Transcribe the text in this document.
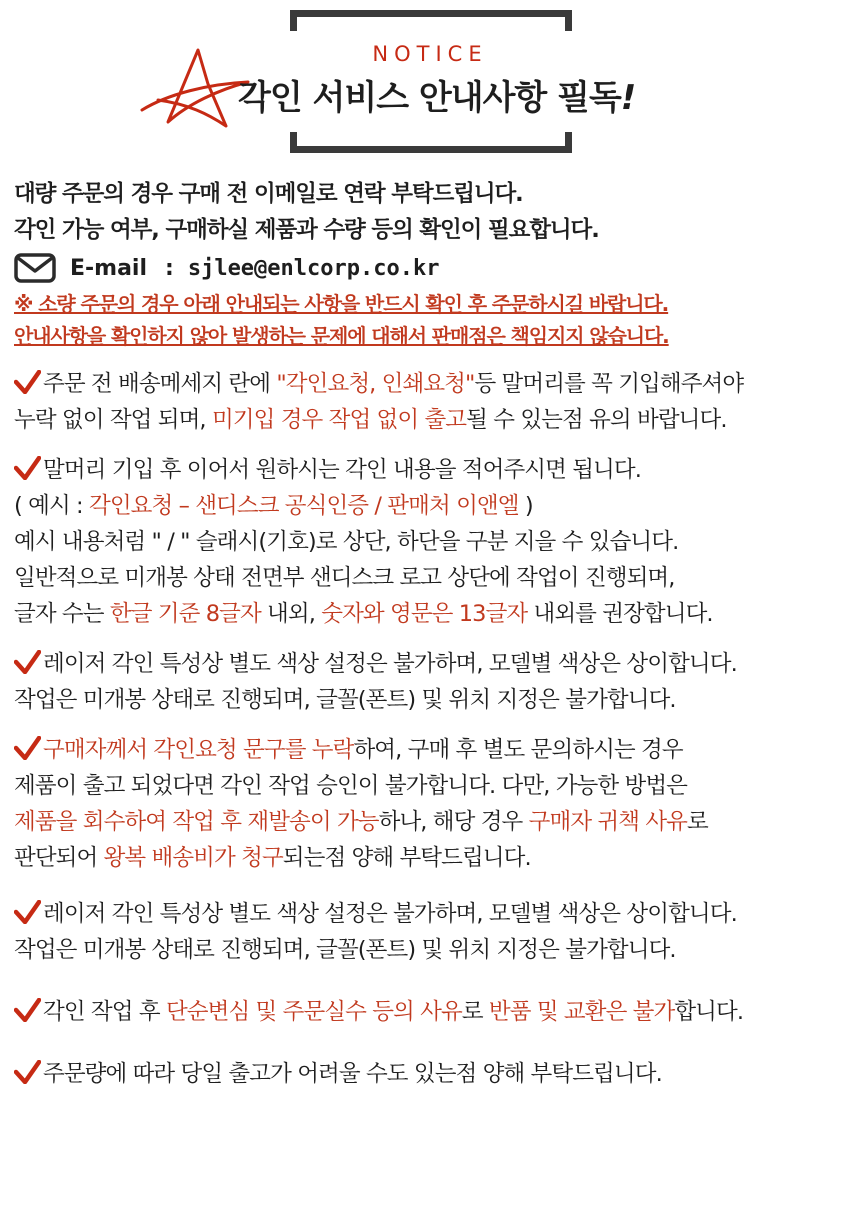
NOTICE
각인 서비스 안내사항 필독!
대량 주문의 경우 구매 전 이메일로 연락 부탁드립니다.
각인 가능 여부, 구매하실 제품과 수량 등의 확인이 필요합니다.
E-mail : sjlee@enlcorp.co.kr
※ 소량 주문의 경우 아래 안내되는 사항을 반드시 확인 후 주문하시길 바랍니다.
안내사항을 확인하지 않아 발생하는 문제에 대해서 판매점은 책임지지 않습니다.
주문 전 배송메세지 란에 "각인요청, 인쇄요청"등 말머리를 꼭 기입해주셔야
누락 없이 작업 되며, 미기입 경우 작업 없이 출고될 수 있는점 유의 바랍니다.
말머리 기입 후 이어서 원하시는 각인 내용을 적어주시면 됩니다.
( 예시 : 각인요청 – 샌디스크 공식인증 / 판매처 이앤엘 )
예시 내용처럼 " / " 슬래시(기호)로 상단, 하단을 구분 지을 수 있습니다.
일반적으로 미개봉 상태 전면부 샌디스크 로고 상단에 작업이 진행되며,
글자 수는 한글 기준 8글자 내외, 숫자와 영문은 13글자 내외를 권장합니다.
레이저 각인 특성상 별도 색상 설정은 불가하며, 모델별 색상은 상이합니다.
작업은 미개봉 상태로 진행되며, 글꼴(폰트) 및 위치 지정은 불가합니다.
구매자께서 각인요청 문구를 누락하여, 구매 후 별도 문의하시는 경우
제품이 출고 되었다면 각인 작업 승인이 불가합니다. 다만, 가능한 방법은
제품을 회수하여 작업 후 재발송이 가능하나, 해당 경우 구매자 귀책 사유로
판단되어 왕복 배송비가 청구되는점 양해 부탁드립니다.
레이저 각인 특성상 별도 색상 설정은 불가하며, 모델별 색상은 상이합니다.
작업은 미개봉 상태로 진행되며, 글꼴(폰트) 및 위치 지정은 불가합니다.
각인 작업 후 단순변심 및 주문실수 등의 사유로 반품 및 교환은 불가합니다.
주문량에 따라 당일 출고가 어려울 수도 있는점 양해 부탁드립니다.
